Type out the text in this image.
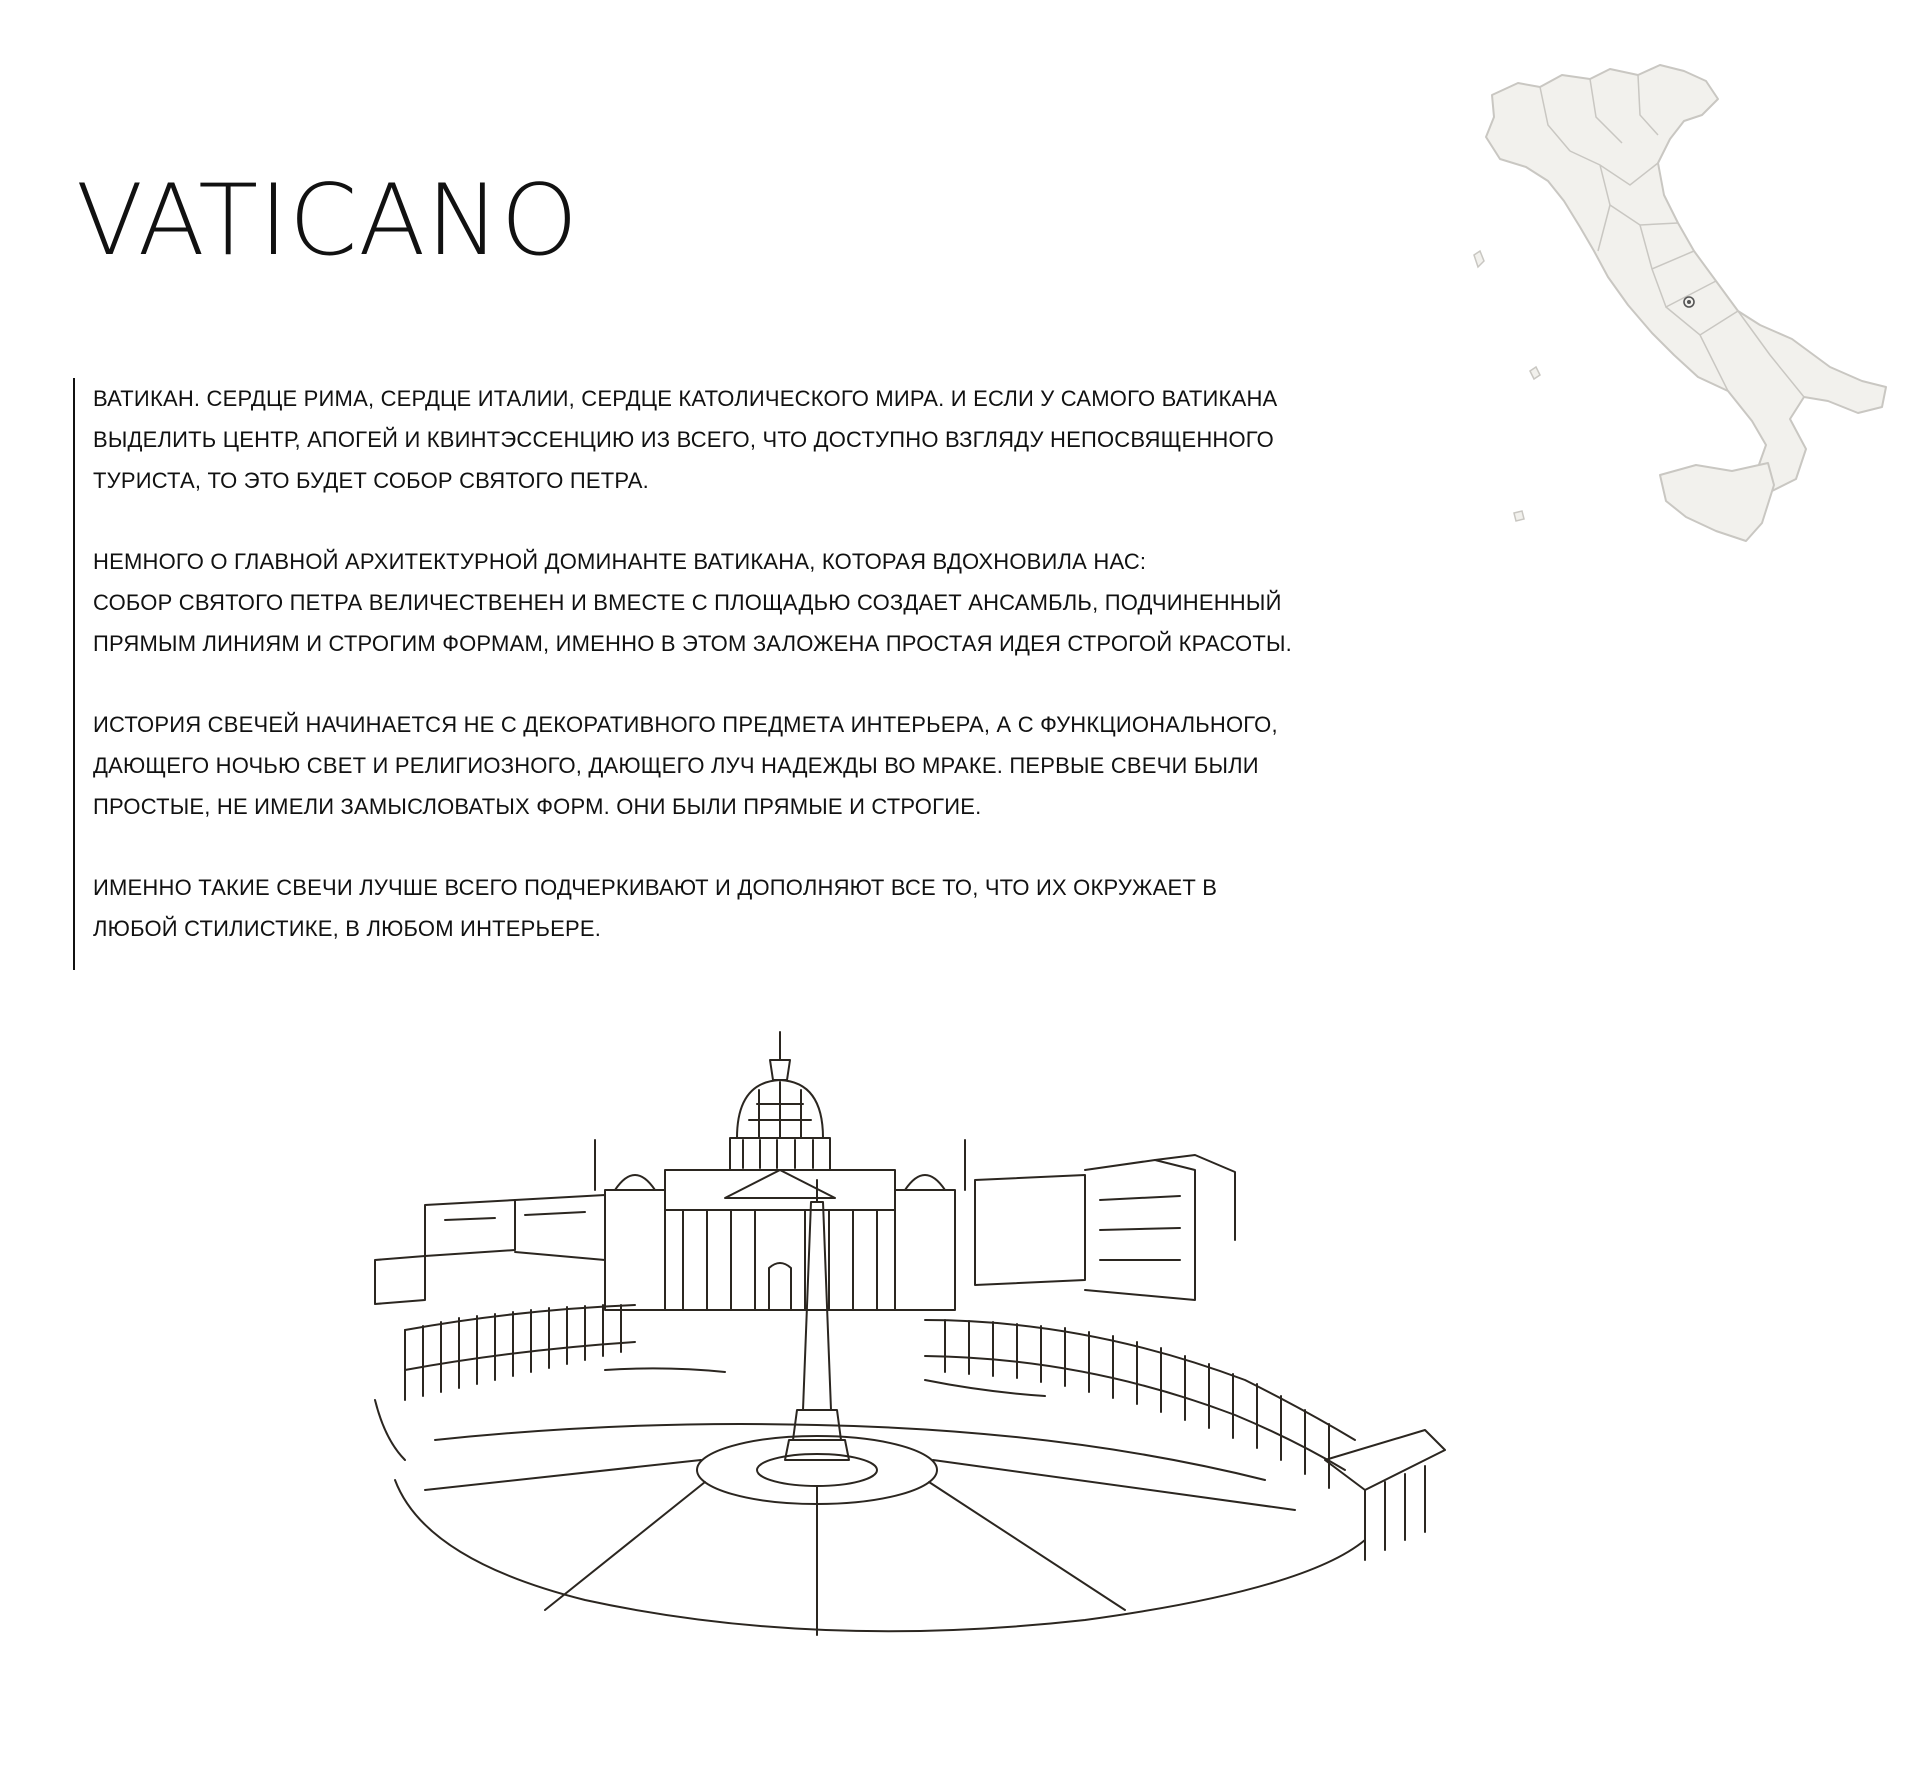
VATICANO

ВАТИКАН. СЕРДЦЕ РИМА, СЕРДЦЕ ИТАЛИИ, СЕРДЦЕ КАТОЛИЧЕСКОГО МИРА. И ЕСЛИ У САМОГО ВАТИКАНА
ВЫДЕЛИТЬ ЦЕНТР, АПОГЕЙ И КВИНТЭССЕНЦИЮ ИЗ ВСЕГО, ЧТО ДОСТУПНО ВЗГЛЯДУ НЕПОСВЯЩЕННОГО
ТУРИСТА, ТО ЭТО БУДЕТ СОБОР СВЯТОГО ПЕТРА.

НЕМНОГО О ГЛАВНОЙ АРХИТЕКТУРНОЙ ДОМИНАНТЕ ВАТИКАНА, КОТОРАЯ ВДОХНОВИЛА НАС:
СОБОР СВЯТОГО ПЕТРА ВЕЛИЧЕСТВЕНЕН И ВМЕСТЕ С ПЛОЩАДЬЮ СОЗДАЕТ АНСАМБЛЬ, ПОДЧИНЕННЫЙ
ПРЯМЫМ ЛИНИЯМ И СТРОГИМ ФОРМАМ, ИМЕННО В ЭТОМ ЗАЛОЖЕНА ПРОСТАЯ ИДЕЯ СТРОГОЙ КРАСОТЫ.

ИСТОРИЯ СВЕЧЕЙ НАЧИНАЕТСЯ НЕ С ДЕКОРАТИВНОГО ПРЕДМЕТА ИНТЕРЬЕРА, А С ФУНКЦИОНАЛЬНОГО,
ДАЮЩЕГО НОЧЬЮ СВЕТ И РЕЛИГИОЗНОГО, ДАЮЩЕГО ЛУЧ НАДЕЖДЫ ВО МРАКЕ. ПЕРВЫЕ СВЕЧИ БЫЛИ
ПРОСТЫЕ, НЕ ИМЕЛИ ЗАМЫСЛОВАТЫХ ФОРМ. ОНИ БЫЛИ ПРЯМЫЕ И СТРОГИЕ.

ИМЕННО ТАКИЕ СВЕЧИ ЛУЧШЕ ВСЕГО ПОДЧЕРКИВАЮТ И ДОПОЛНЯЮТ ВСЕ ТО, ЧТО ИХ ОКРУЖАЕТ В
ЛЮБОЙ СТИЛИСТИКЕ, В ЛЮБОМ ИНТЕРЬЕРЕ.
